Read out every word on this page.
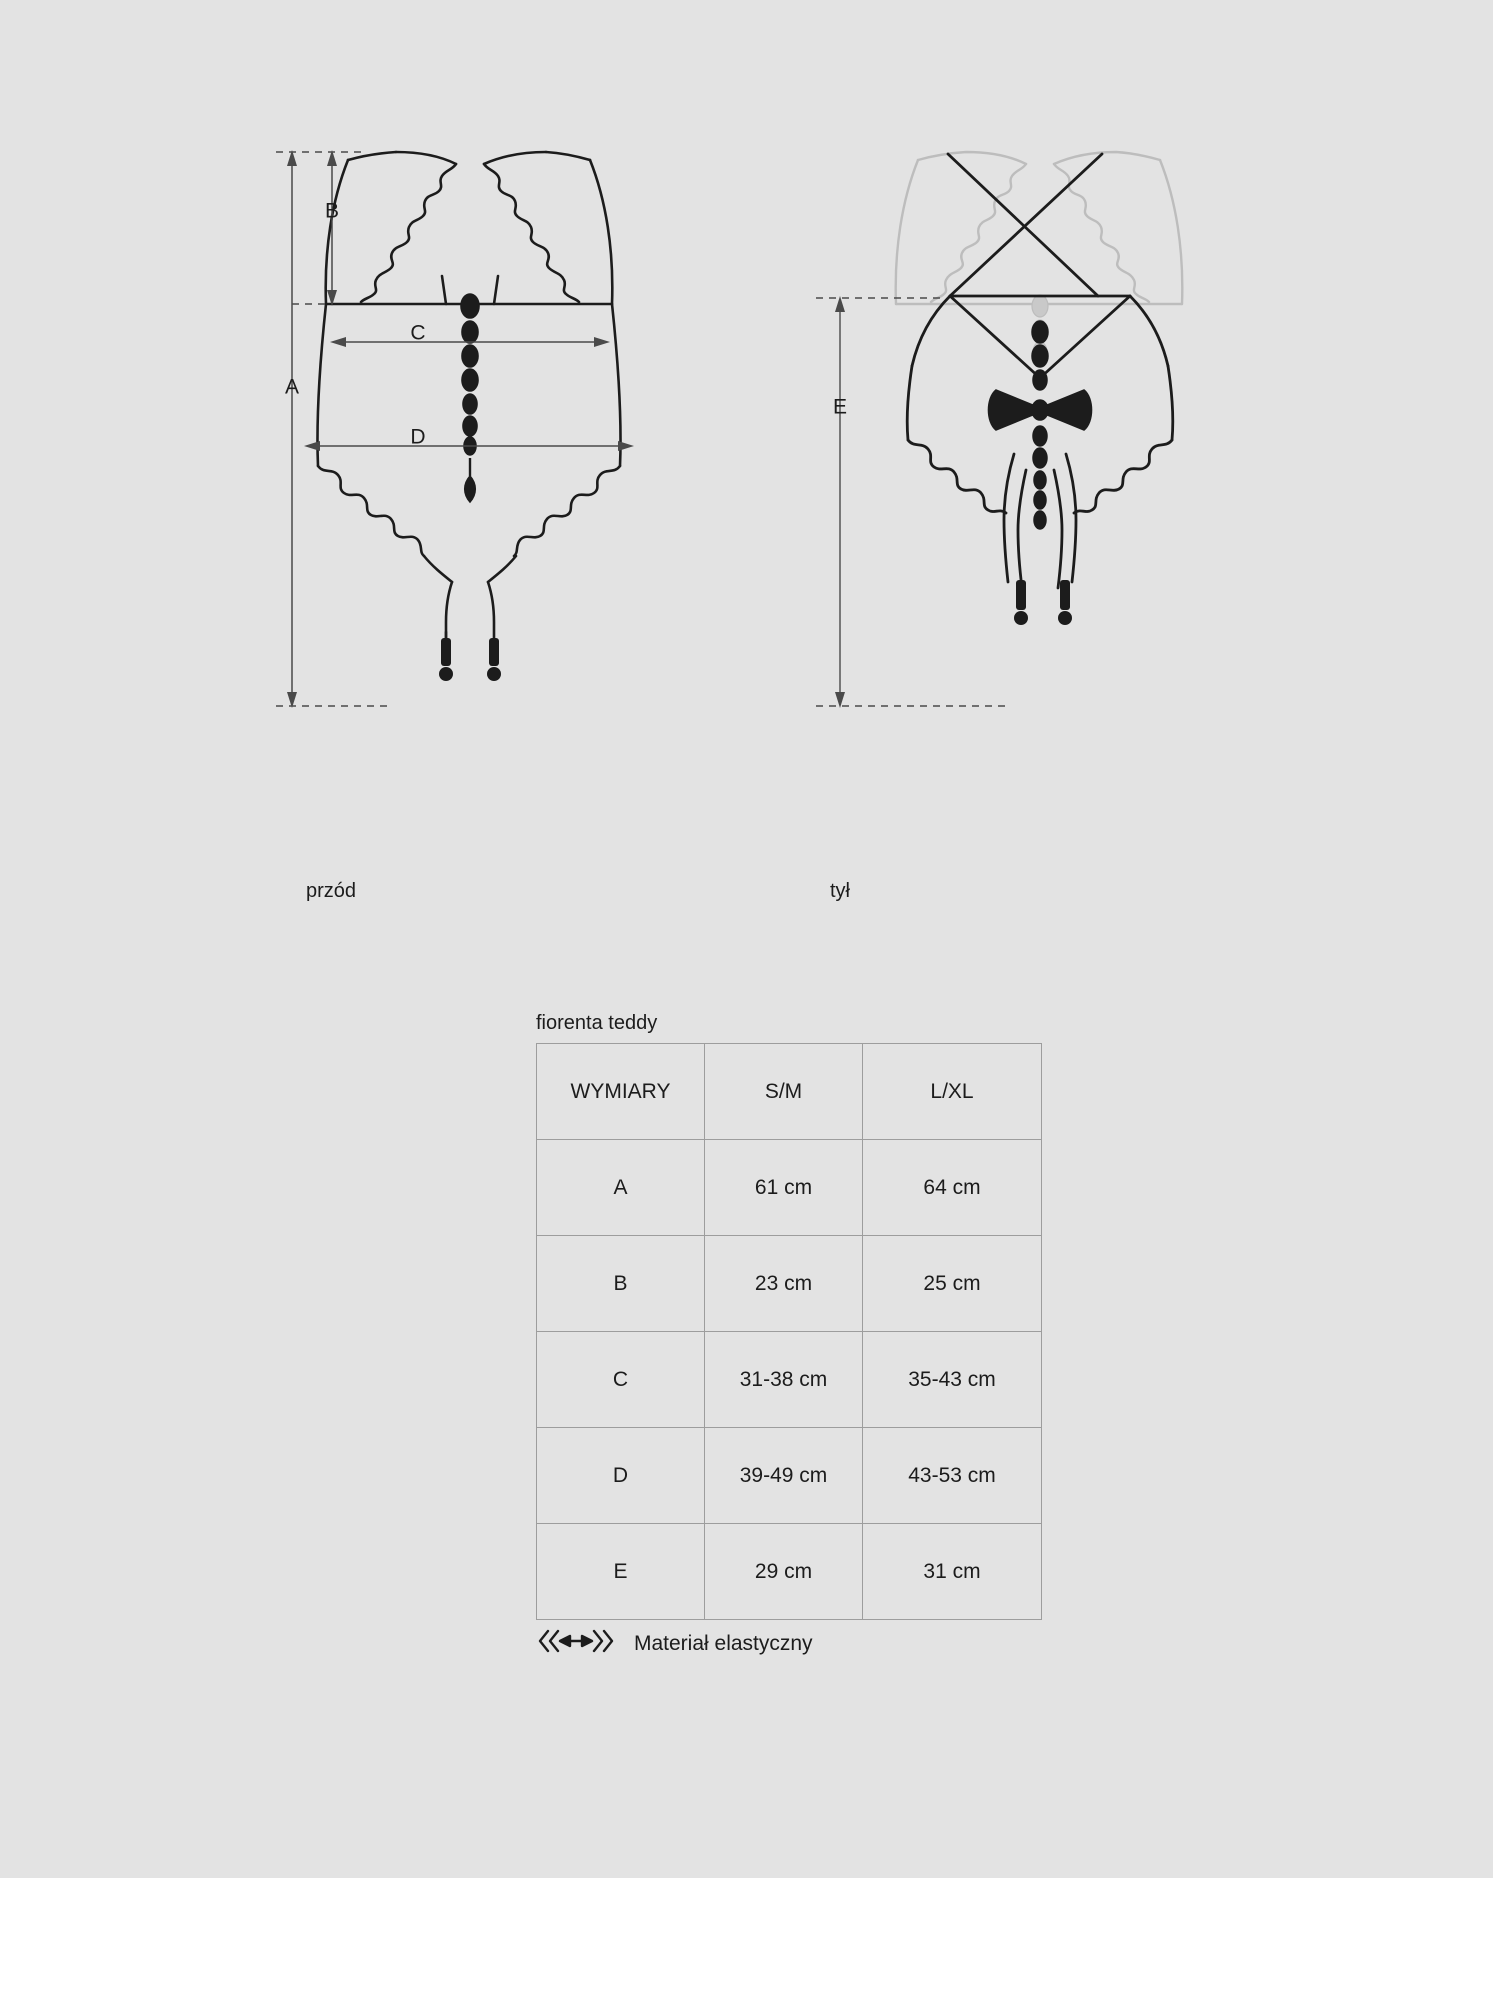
A
B
C
D
E
przód	tył
fiorenta teddy
WYMIARY	S/M	L/XL
A	61 cm	64 cm
B	23 cm	25 cm
C	31-38 cm	35-43 cm
D	39-49 cm	43-53 cm
E	29 cm	31 cm
Materiał elastyczny
